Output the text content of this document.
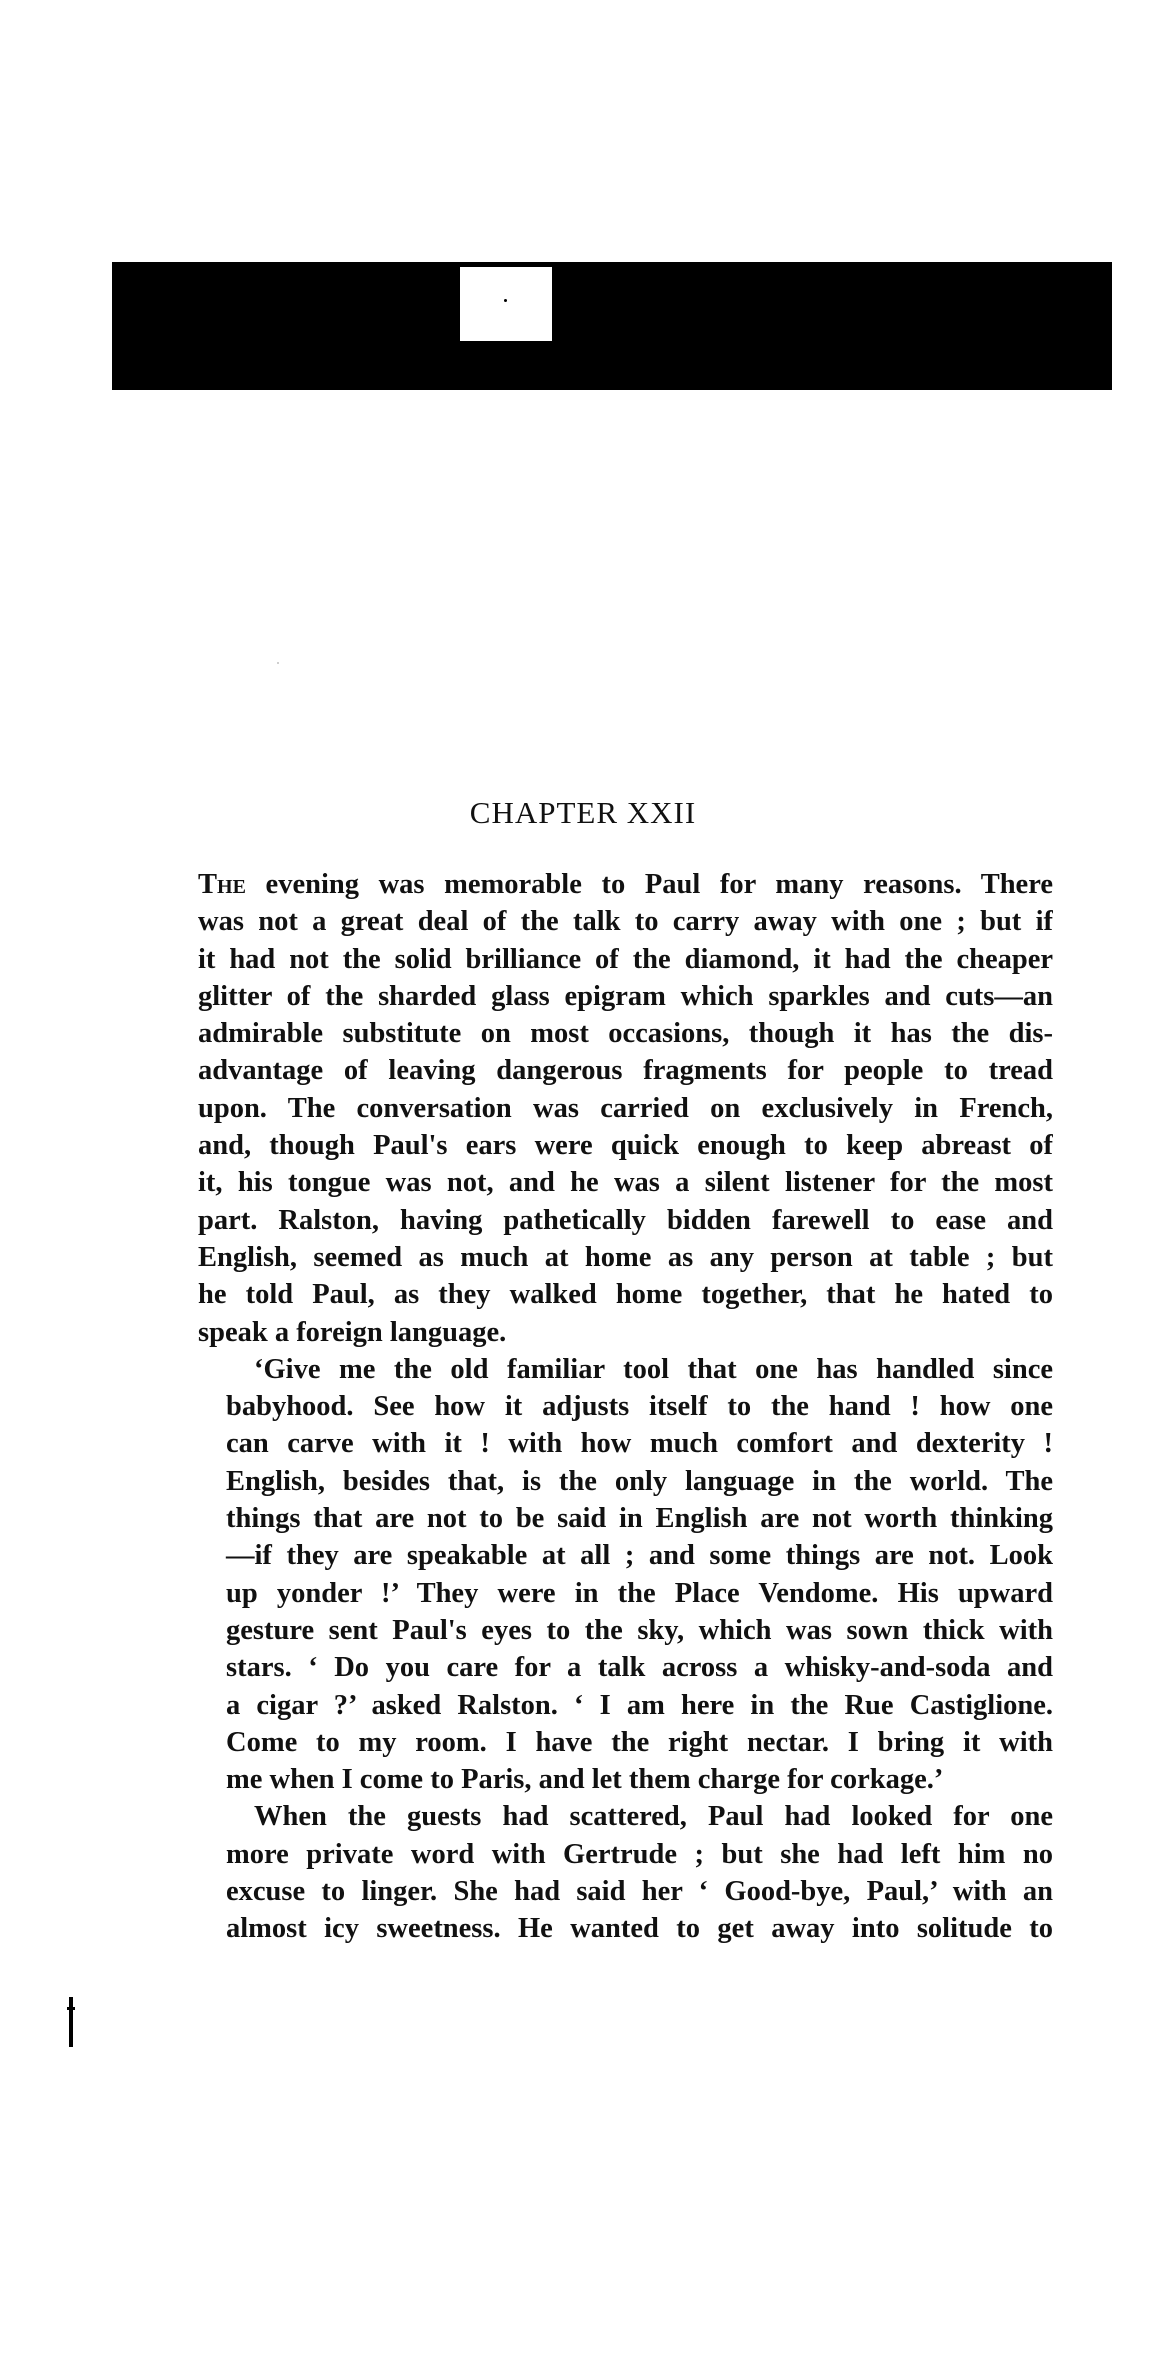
CHAPTER XXII
The evening was memorable to Paul for many reasons. There
was not a great deal of the talk to carry away with one ; but if
it had not the solid brilliance of the diamond, it had the cheaper
glitter of the sharded glass epigram which sparkles and cuts—an
admirable substitute on most occasions, though it has the dis-
advantage of leaving dangerous fragments for people to tread
upon. The conversation was carried on exclusively in French,
and, though Paul's ears were quick enough to keep abreast of
it, his tongue was not, and he was a silent listener for the most
part. Ralston, having pathetically bidden farewell to ease and
English, seemed as much at home as any person at table ; but
he told Paul, as they walked home together, that he hated to
speak a foreign language.
‘Give me the old familiar tool that one has handled since
babyhood. See how it adjusts itself to the hand ! how one
can carve with it ! with how much comfort and dexterity !
English, besides that, is the only language in the world. The
things that are not to be said in English are not worth thinking
—if they are speakable at all ; and some things are not. Look
up yonder !’ They were in the Place Vendome. His upward
gesture sent Paul's eyes to the sky, which was sown thick with
stars. ‘ Do you care for a talk across a whisky-and-soda and
a cigar ?’ asked Ralston. ‘ I am here in the Rue Castiglione.
Come to my room. I have the right nectar. I bring it with
me when I come to Paris, and let them charge for corkage.’
When the guests had scattered, Paul had looked for one
more private word with Gertrude ; but she had left him no
excuse to linger. She had said her ‘ Good-bye, Paul,’ with an
almost icy sweetness. He wanted to get away into solitude to
